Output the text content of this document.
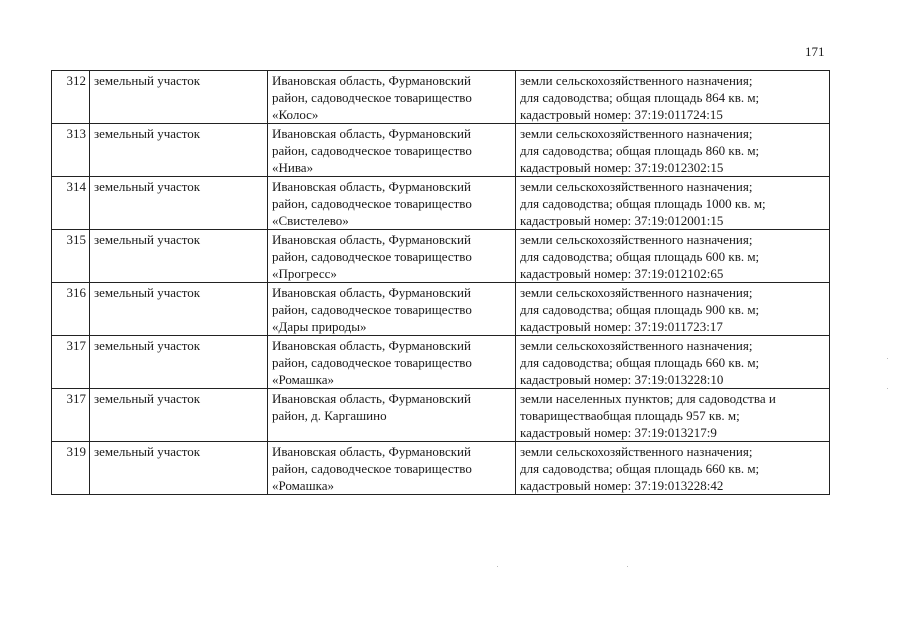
171
312	земельный участок	Ивановская область, Фурмановский
район, садоводческое товарищество
«Колос»	земли сельскохозяйственного назначения;
для садоводства; общая площадь 864 кв. м;
кадастровый номер: 37:19:011724:15

313	земельный участок	Ивановская область, Фурмановский
район, садоводческое товарищество
«Нива»	земли сельскохозяйственного назначения;
для садоводства; общая площадь 860 кв. м;
кадастровый номер: 37:19:012302:15

314	земельный участок	Ивановская область, Фурмановский
район, садоводческое товарищество
«Свистелево»	земли сельскохозяйственного назначения;
для садоводства; общая площадь 1000 кв. м;
кадастровый номер: 37:19:012001:15

315	земельный участок	Ивановская область, Фурмановский
район, садоводческое товарищество
«Прогресс»	земли сельскохозяйственного назначения;
для садоводства; общая площадь 600 кв. м;
кадастровый номер: 37:19:012102:65

316	земельный участок	Ивановская область, Фурмановский
район, садоводческое товарищество
«Дары природы»	земли сельскохозяйственного назначения;
для садоводства; общая площадь 900 кв. м;
кадастровый номер: 37:19:011723:17

317	земельный участок	Ивановская область, Фурмановский
район, садоводческое товарищество
«Ромашка»	земли сельскохозяйственного назначения;
для садоводства; общая площадь 660 кв. м;
кадастровый номер: 37:19:013228:10

317	земельный участок	Ивановская область, Фурмановский
район, д. Каргашино	земли населенных пунктов; для садоводства и
товариществаобщая площадь 957 кв. м;
кадастровый номер: 37:19:013217:9

319	земельный участок	Ивановская область, Фурмановский
район, садоводческое товарищество
«Ромашка»	земли сельскохозяйственного назначения;
для садоводства; общая площадь 660 кв. м;
кадастровый номер: 37:19:013228:42
